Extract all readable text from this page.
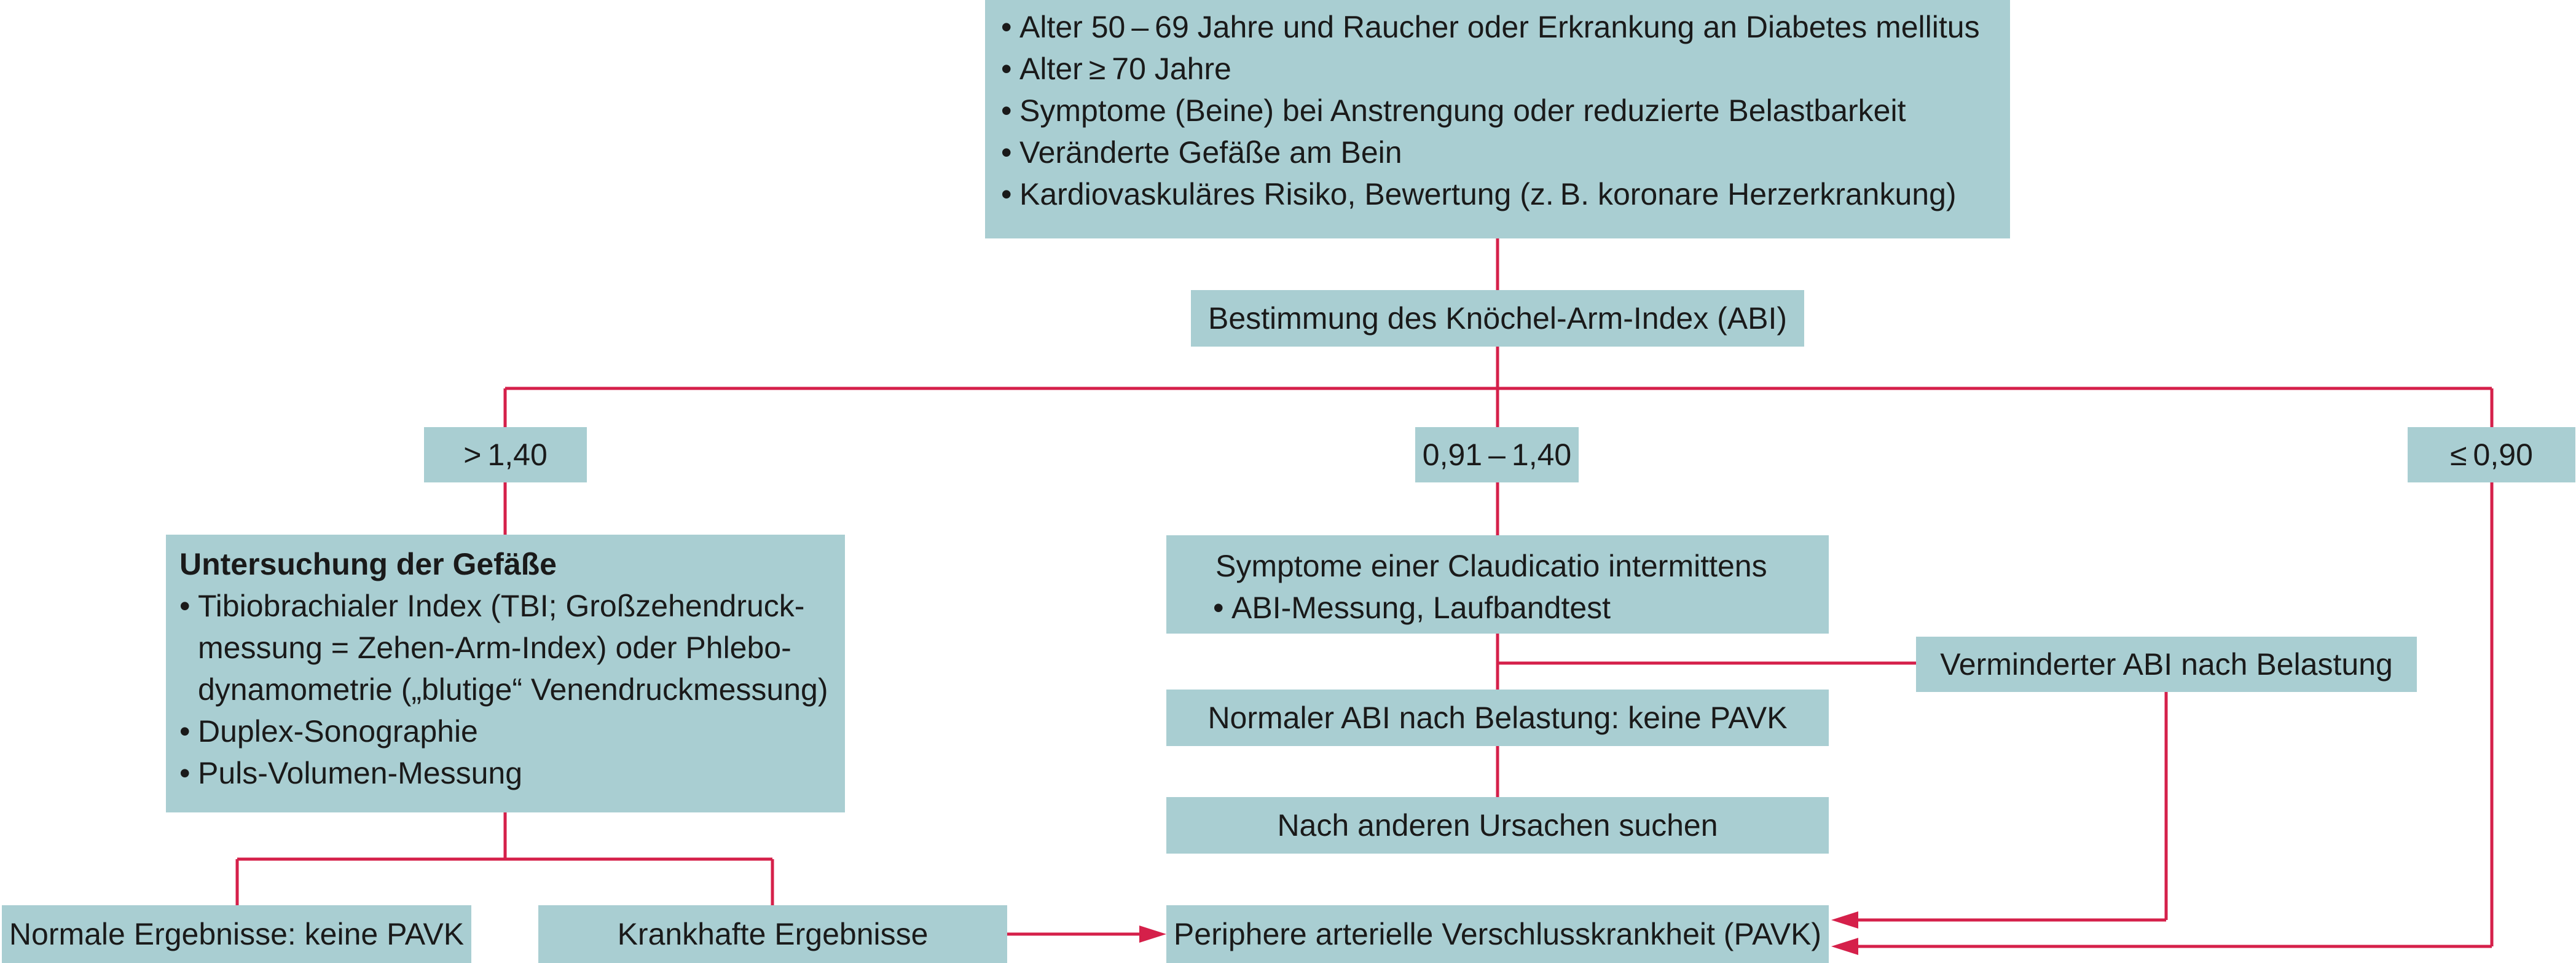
• Alter 50 – 69 Jahre und Raucher oder Erkrankung an Diabetes mellitus
• Alter ≥ 70 Jahre
• Symptome (Beine) bei Anstrengung oder reduzierte Belastbarkeit
• Veränderte Gefäße am Bein
• Kardiovaskuläres Risiko, Bewertung (z. B. koronare Herzerkrankung)
Bestimmung des Knöchel-Arm-Index (ABI)
> 1,40	0,91 – 1,40	≤ 0,90
Untersuchung der Gefäße
• Tibiobrachialer Index (TBI; Großzehendruck-
messung = Zehen-Arm-Index) oder Phlebo-
dynamometrie („blutige“ Venendruckmessung)
• Duplex-Sonographie
• Puls-Volumen-Messung
Symptome einer Claudicatio intermittens
• ABI-Messung, Laufbandtest
Verminderter ABI nach Belastung
Normaler ABI nach Belastung: keine PAVK
Nach anderen Ursachen suchen
Normale Ergebnisse: keine PAVK	Krankhafte Ergebnisse	Periphere arterielle Verschlusskrankheit (PAVK)
